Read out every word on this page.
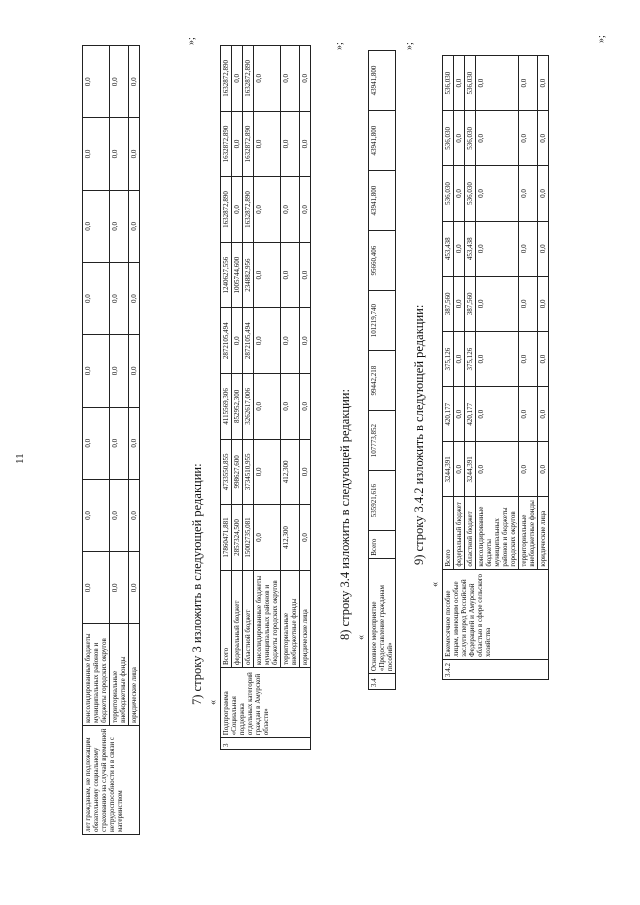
11
лет гражданам, не подлежащим обязательному социальному страхованию на случай временной нетрудоспособности и в связи с материнством	консолидированные бюджеты муниципальных районов и бюджеты городских округов	0,0	0,0	0,0	0,0	0,0	0,0	0,0	0,0
	территориальные внебюджетные фонды	0,0	0,0	0,0	0,0	0,0	0,0	0,0	0,0
	юридические лица	0,0	0,0	0,0	0,0	0,0	0,0	0,0	0,0
»;
7) строку 3 изложить в следующей редакции: «
3	Подпрограмма «Социальная поддержка отдельных категорий граждан в Амурской области»	Всего	17860471,881	4733550,855	4115569,306	2872105,494	1240627,556	1632872,890	1632872,890	1632872,890
		федеральный бюджет	2857324,500	998627,600	852952,300	0,0	1005744,600	0,0	0,0	0,0
		областной бюджет	15002735,081	3734510,955	3262617,006	2872105,494	234882,956	1632872,890	1632872,890	1632872,890
		консолидированные бюджеты муниципальных районов и бюджеты городских округов	0,0	0,0	0,0	0,0	0,0	0,0	0,0	0,0
		территориальные внебюджетные фонды	412,300	412,300	0,0	0,0	0,0	0,0	0,0	0,0
		юридические лица	0,0	0,0	0,0	0,0	0,0	0,0	0,0	0,0
»;
8) строку 3.4 изложить в следующей редакции: «
3.4	Основное мероприятие «Предоставление гражданам пособий»	Всего	535921,616	107773,852	99442,218	101219,740	95660,406	43941,800	43941,800	43941,800
»;
9) строку 3.4.2 изложить в следующей редакции:
«
3.4.2	Ежемесячное пособие лицам, имеющим особые заслуги перед Российской Федерацией и Амурской областью в сфере сельского хозяйства	Всего	3244,391	420,177	375,126	387,560	453,438	536,030	536,030	536,030
		федеральный бюджет	0,0	0,0	0,0	0,0	0,0	0,0	0,0	0,0
		областной бюджет	3244,391	420,177	375,126	387,560	453,438	536,030	536,030	536,030
		консолидированные бюджеты муниципальных районов и бюджеты городских округов	0,0	0,0	0,0	0,0	0,0	0,0	0,0	0,0
		территориальные внебюджетные фонды	0,0	0,0	0,0	0,0	0,0	0,0	0,0	0,0
		юридические лица	0,0	0,0	0,0	0,0	0,0	0,0	0,0	0,0
»;
